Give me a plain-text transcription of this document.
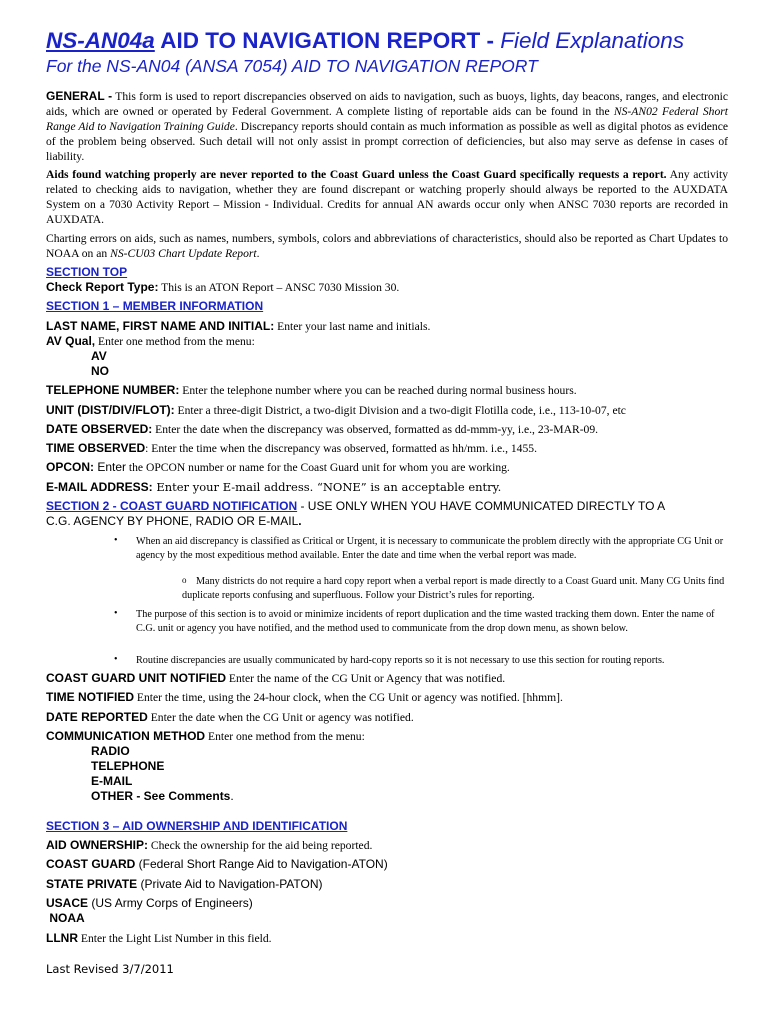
NS-AN04a AID TO NAVIGATION REPORT - Field Explanations
For the NS-AN04 (ANSA 7054) AID TO NAVIGATION REPORT
GENERAL - This form is used to report discrepancies observed on aids to navigation, such as buoys, lights, day beacons, ranges, and electronic aids, which are owned or operated by Federal Government. A complete listing of reportable aids can be found in the NS-AN02 Federal Short Range Aid to Navigation Training Guide. Discrepancy reports should contain as much information as possible as well as digital photos as evidence of the problem being observed. Such detail will not only assist in prompt correction of deficiencies, but also may serve as defense in cases of liability.
Aids found watching properly are never reported to the Coast Guard unless the Coast Guard specifically requests a report. Any activity related to checking aids to navigation, whether they are found discrepant or watching properly should always be reported to the AUXDATA System on a 7030 Activity Report – Mission - Individual. Credits for annual AN awards occur only when ANSC 7030 reports are recorded in AUXDATA.
Charting errors on aids, such as names, numbers, symbols, colors and abbreviations of characteristics, should also be reported as Chart Updates to NOAA on an NS-CU03 Chart Update Report.
SECTION TOP
Check Report Type: This is an ATON Report – ANSC 7030 Mission 30.
SECTION 1 – MEMBER INFORMATION
LAST NAME, FIRST NAME AND INITIAL: Enter your last name and initials.
AV Qual, Enter one method from the menu:
AV
NO
TELEPHONE NUMBER: Enter the telephone number where you can be reached during normal business hours.
UNIT (DIST/DIV/FLOT): Enter a three-digit District, a two-digit Division and a two-digit Flotilla code, i.e., 113-10-07, etc
DATE OBSERVED: Enter the date when the discrepancy was observed, formatted as dd-mmm-yy, i.e., 23-MAR-09.
TIME OBSERVED: Enter the time when the discrepancy was observed, formatted as hh/mm. i.e., 1455.
OPCON: Enter the OPCON number or name for the Coast Guard unit for whom you are working.
E-MAIL ADDRESS: Enter your E-mail address. “NONE” is an acceptable entry.
SECTION 2 - COAST GUARD NOTIFICATION - USE ONLY WHEN YOU HAVE COMMUNICATED DIRECTLY TO A
C.G. AGENCY BY PHONE, RADIO OR E-MAIL.
• When an aid discrepancy is classified as Critical or Urgent, it is necessary to communicate the problem directly with the appropriate CG Unit or agency by the most expeditious method available. Enter the date and time when the verbal report was made.
o Many districts do not require a hard copy report when a verbal report is made directly to a Coast Guard unit. Many CG Units find duplicate reports confusing and superfluous. Follow your District’s rules for reporting.
• The purpose of this section is to avoid or minimize incidents of report duplication and the time wasted tracking them down. Enter the name of C.G. unit or agency you have notified, and the method used to communicate from the drop down menu, as shown below.
• Routine discrepancies are usually communicated by hard-copy reports so it is not necessary to use this section for routing reports.
COAST GUARD UNIT NOTIFIED Enter the name of the CG Unit or Agency that was notified.
TIME NOTIFIED Enter the time, using the 24-hour clock, when the CG Unit or agency was notified. [hhmm].
DATE REPORTED Enter the date when the CG Unit or agency was notified.
COMMUNICATION METHOD Enter one method from the menu:
RADIO
TELEPHONE
E-MAIL
OTHER - See Comments.
SECTION 3 – AID OWNERSHIP AND IDENTIFICATION
AID OWNERSHIP: Check the ownership for the aid being reported.
COAST GUARD (Federal Short Range Aid to Navigation-ATON)
STATE PRIVATE (Private Aid to Navigation-PATON)
USACE (US Army Corps of Engineers)
NOAA
LLNR Enter the Light List Number in this field.
Last Revised 3/7/2011
